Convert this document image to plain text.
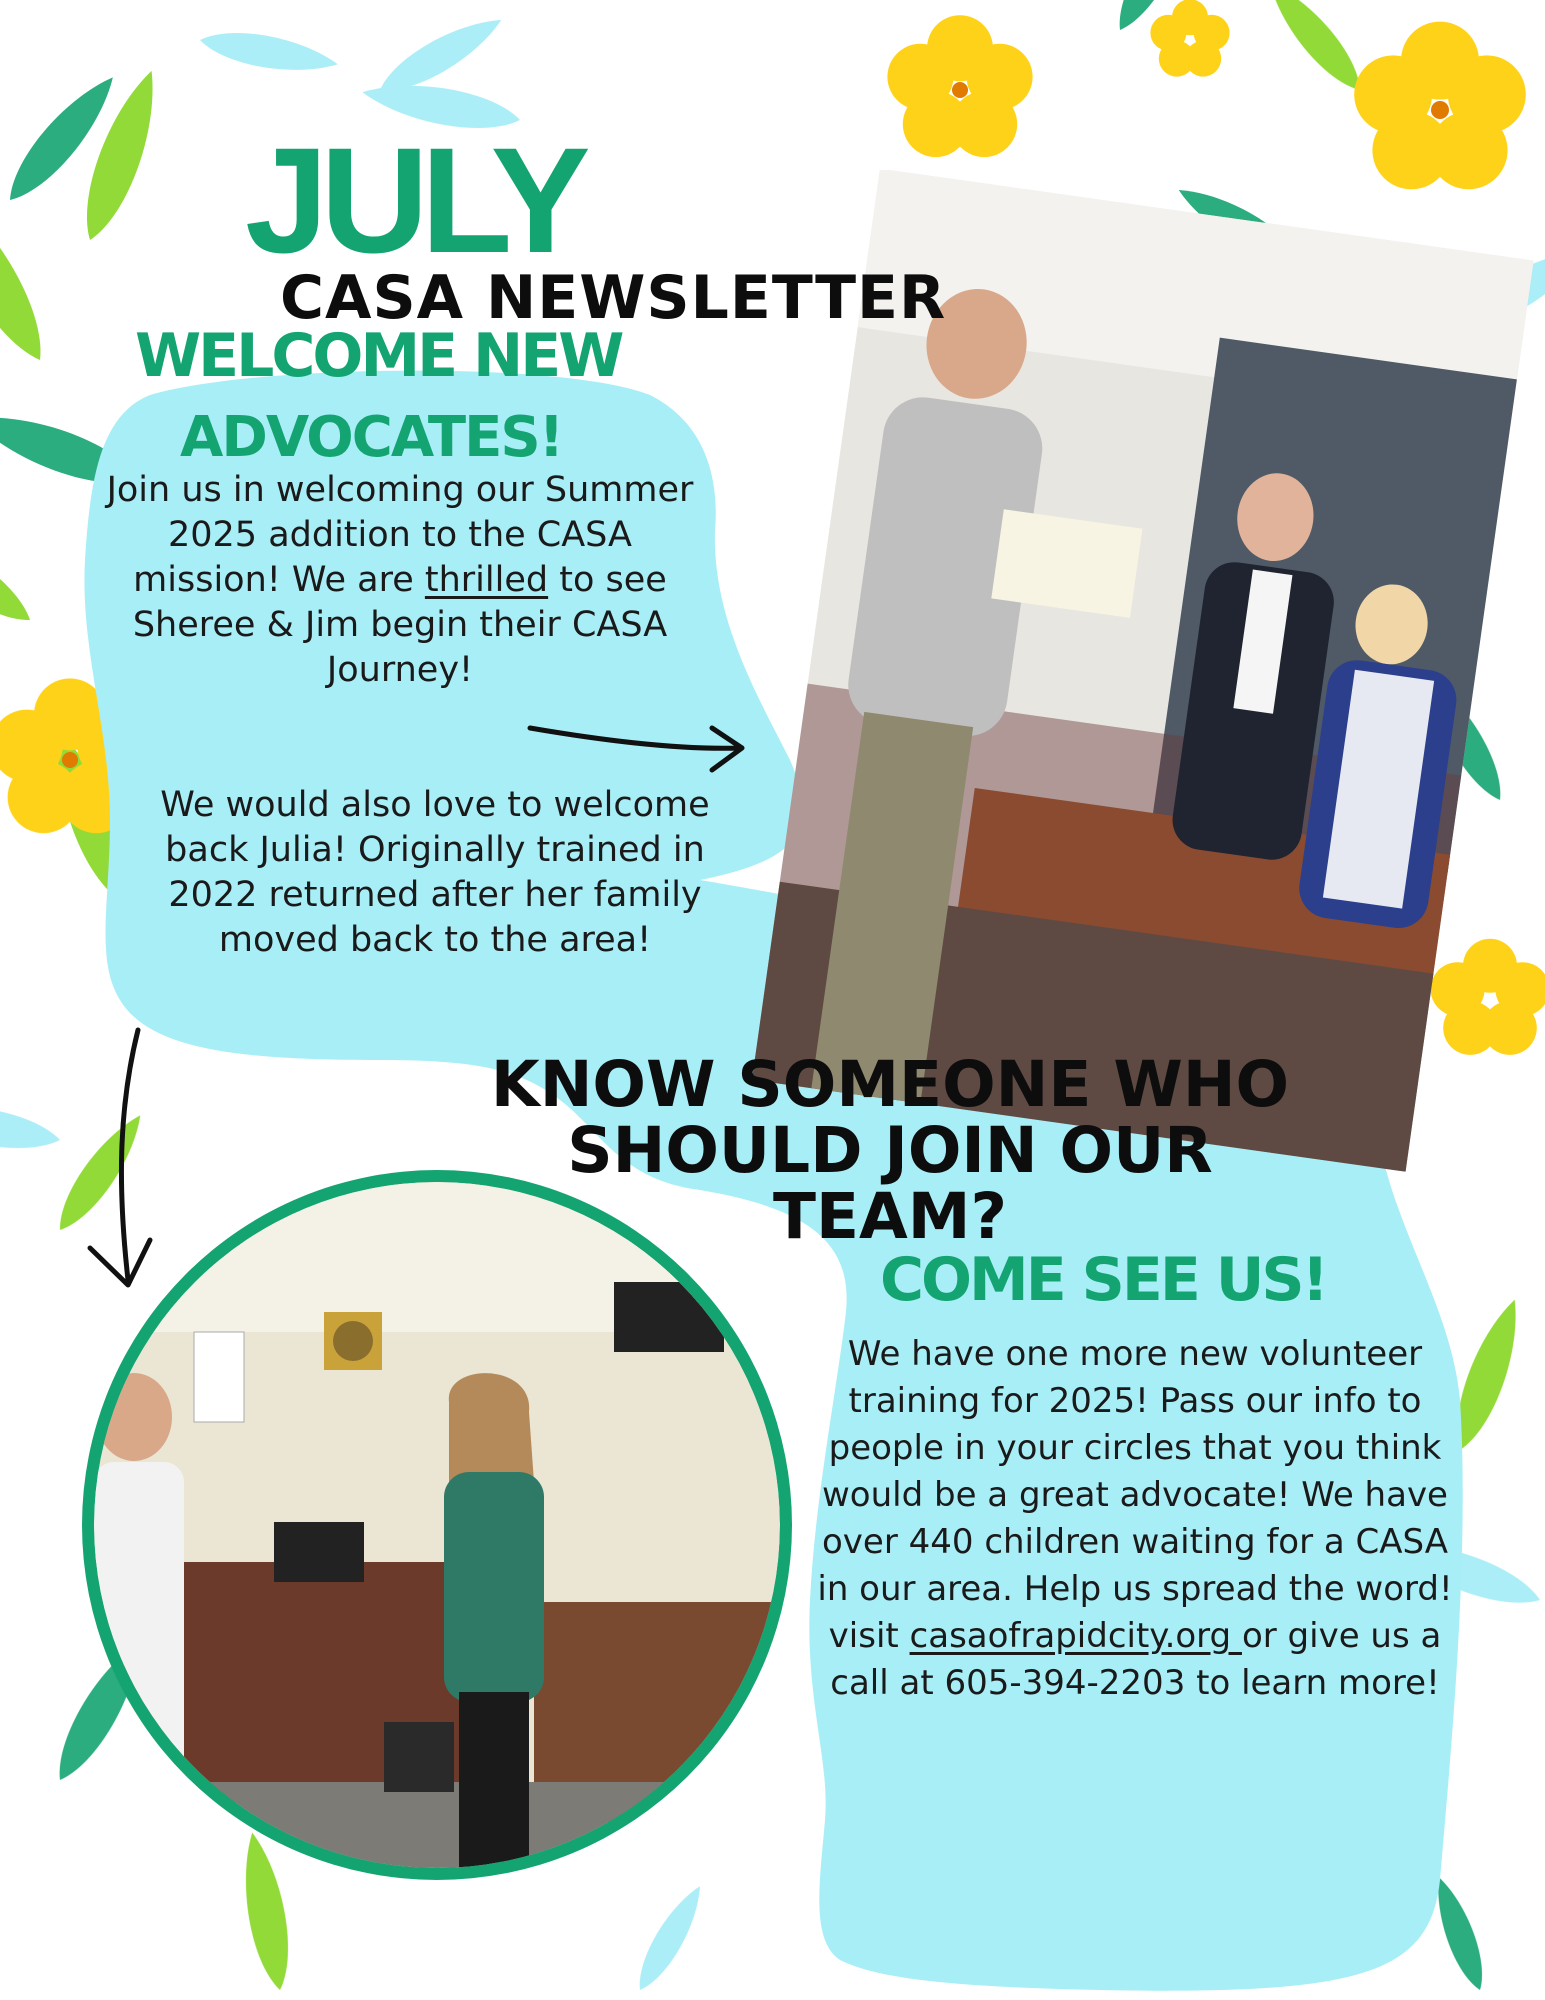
JULY
CASA NEWSLETTER
WELCOME NEW
ADVOCATES!
Join us in welcoming our Summer 2025 addition to the CASA mission! We are thrilled to see Sheree & Jim begin their CASA Journey!
We would also love to welcome back Julia! Originally trained in 2022 returned after her family moved back to the area!
KNOW SOMEONE WHO SHOULD JOIN OUR TEAM?
COME SEE US!
We have one more new volunteer training for 2025! Pass our info to people in your circles that you think would be a great advocate! We have over 440 children waiting for a CASA in our area. Help us spread the word! visit casaofrapidcity.org or give us a call at 605-394-2203 to learn more!
